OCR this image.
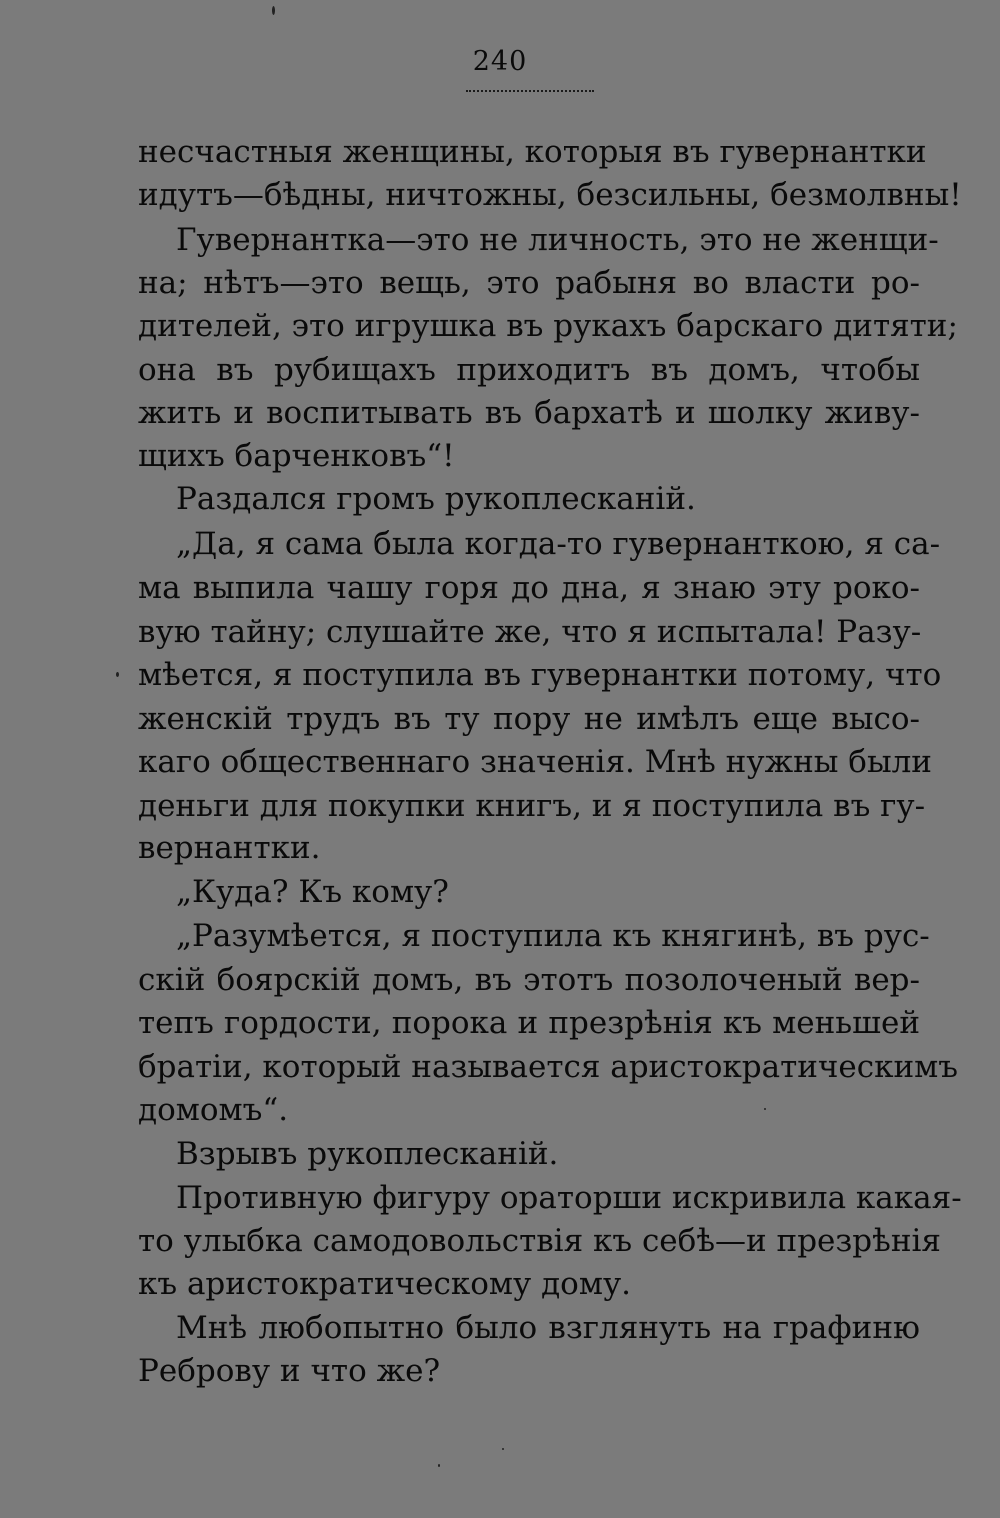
240
несчастныя женщины, которыя въ гувернантки
идутъ—бѣдны, ничтожны, безсильны, безмолвны!
Гувернантка—это не личность, это не женщи-
на; нѣтъ—это вещь, это рабыня во власти ро-
дителей, это игрушка въ рукахъ барскаго дитяти;
она въ рубищахъ приходитъ въ домъ, чтобы
жить и воспитывать въ бархатѣ и шолку живу-
щихъ барченковъ“!
Раздался громъ рукоплесканій.
„Да, я сама была когда-то гувернанткою, я са-
ма выпила чашу горя до дна, я знаю эту роко-
вую тайну; слушайте же, что я испытала! Разу-
мѣется, я поступила въ гувернантки потому, что
женскій трудъ въ ту пору не имѣлъ еще высо-
каго общественнаго значенія. Мнѣ нужны были
деньги для покупки книгъ, и я поступила въ гу-
вернантки.
„Куда? Къ кому?
„Разумѣется, я поступила къ княгинѣ, въ рус-
скій боярскій домъ, въ этотъ позолоченый вер-
тепъ гордости, порока и презрѣнія къ меньшей
братіи, который называется аристократическимъ
домомъ“.
Взрывъ рукоплесканій.
Противную фигуру ораторши искривила какая-
то улыбка самодовольствія къ себѣ—и презрѣнія
къ аристократическому дому.
Мнѣ любопытно было взглянуть на графиню
Реброву и что же?
